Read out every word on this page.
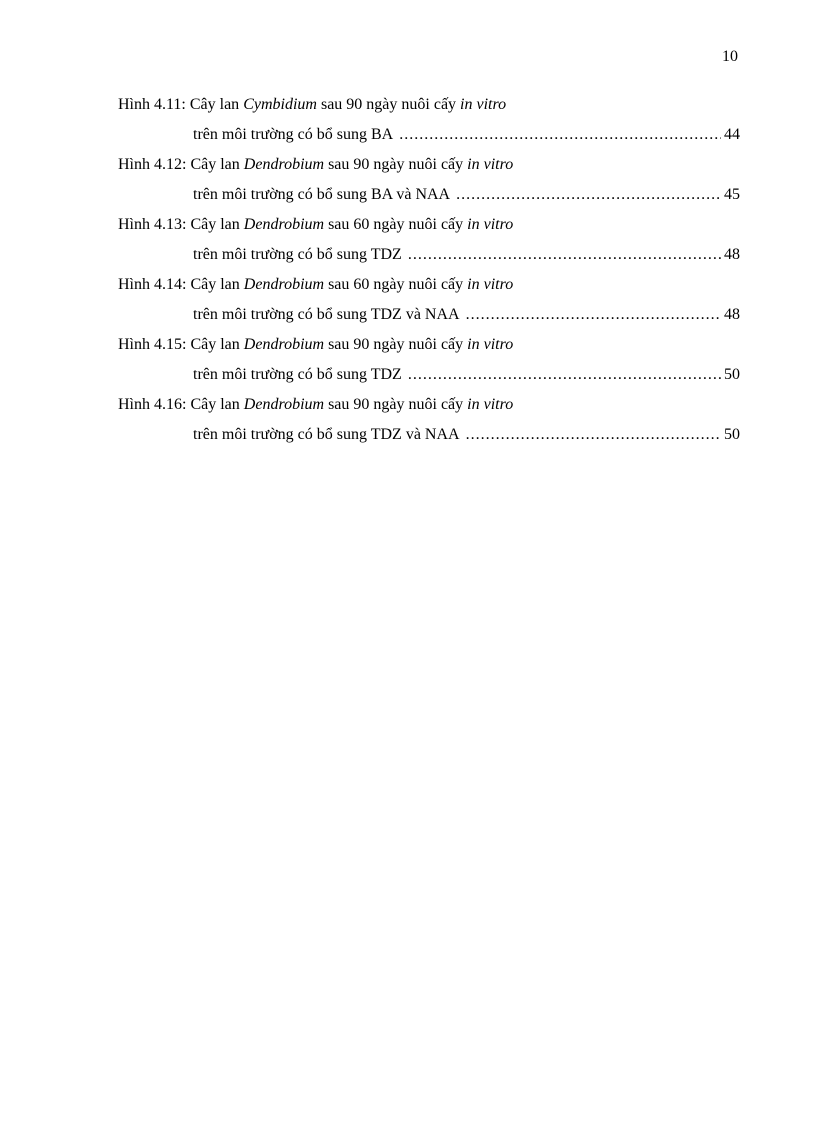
10
Hình 4.11: Cây lan Cymbidium sau 90 ngày nuôi cấy in vitro
trên môi trường có bổ sung BA . . .	44
Hình 4.12: Cây lan Dendrobium sau 90 ngày nuôi cấy in vitro
trên môi trường có bổ sung BA và NAA . . .	45
Hình 4.13: Cây lan Dendrobium sau 60 ngày nuôi cấy in vitro
trên môi trường có bổ sung TDZ . . .	48
Hình 4.14: Cây lan Dendrobium sau 60 ngày nuôi cấy in vitro
trên môi trường có bổ sung TDZ và NAA . . .	48
Hình 4.15: Cây lan Dendrobium sau 90 ngày nuôi cấy in vitro
trên môi trường có bổ sung TDZ . . .	50
Hình 4.16: Cây lan Dendrobium sau 90 ngày nuôi cấy in vitro
trên môi trường có bổ sung TDZ và NAA . . .	50
